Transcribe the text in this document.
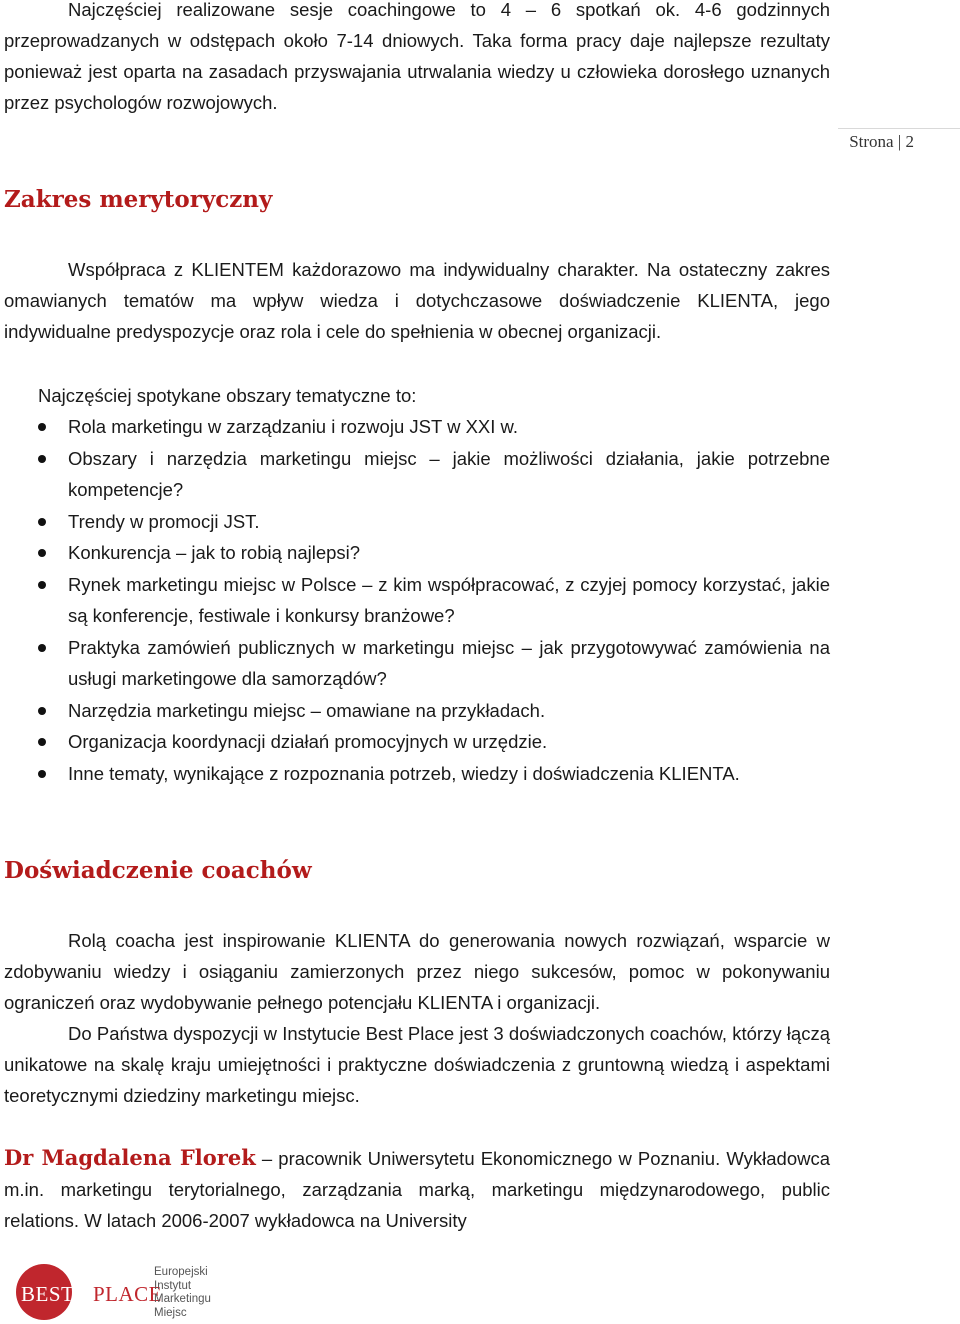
Najczęściej realizowane sesje coachingowe to 4 – 6 spotkań ok. 4-6 godzinnych przeprowadzanych w odstępach około 7-14 dniowych. Taka forma pracy daje najlepsze rezultaty ponieważ jest oparta na zasadach przyswajania utrwalania wiedzy u człowieka dorosłego uznanych przez psychologów rozwojowych.

Strona | 2
Zakres merytoryczny

Współpraca z KLIENTEM każdorazowo ma indywidualny charakter. Na ostateczny zakres omawianych tematów ma wpływ wiedza i dotychczasowe doświadczenie KLIENTA, jego indywidualne predyspozycje oraz rola i cele do spełnienia w obecnej organizacji.

Najczęściej spotykane obszary tematyczne to:

Rola marketingu w zarządzaniu i rozwoju JST w XXI w.
Obszary i narzędzia marketingu miejsc – jakie możliwości działania, jakie potrzebne kompetencje?
Trendy w promocji JST.
Konkurencja – jak to robią najlepsi?
Rynek marketingu miejsc w Polsce – z kim współpracować, z czyjej pomocy korzystać, jakie są konferencje, festiwale i konkursy branżowe?
Praktyka zamówień publicznych w marketingu miejsc – jak przygotowywać zamówienia na usługi marketingowe dla samorządów?
Narzędzia marketingu miejsc – omawiane na przykładach.
Organizacja koordynacji działań promocyjnych w urzędzie.
Inne tematy, wynikające z rozpoznania potrzeb, wiedzy i doświadczenia KLIENTA.
Doświadczenie coachów

Rolą coacha jest inspirowanie KLIENTA do generowania nowych rozwiązań, wsparcie w zdobywaniu wiedzy i osiąganiu zamierzonych przez niego sukcesów, pomoc w pokonywaniu ograniczeń oraz wydobywanie pełnego potencjału KLIENTA i organizacji.

Do Państwa dyspozycji w Instytucie Best Place jest 3 doświadczonych coachów, którzy łączą unikatowe na skalę kraju umiejętności i praktyczne doświadczenia z gruntowną wiedzą i aspektami teoretycznymi dziedziny marketingu miejsc.

Dr Magdalena Florek – pracownik Uniwersytetu Ekonomicznego w Poznaniu. Wykładowca m.in. marketingu terytorialnego, zarządzania marką, marketingu międzynarodowego, public relations. W latach 2006-2007 wykładowca na University

BEST PLACE
Europejski
Instytut
Marketingu
Miejsc
